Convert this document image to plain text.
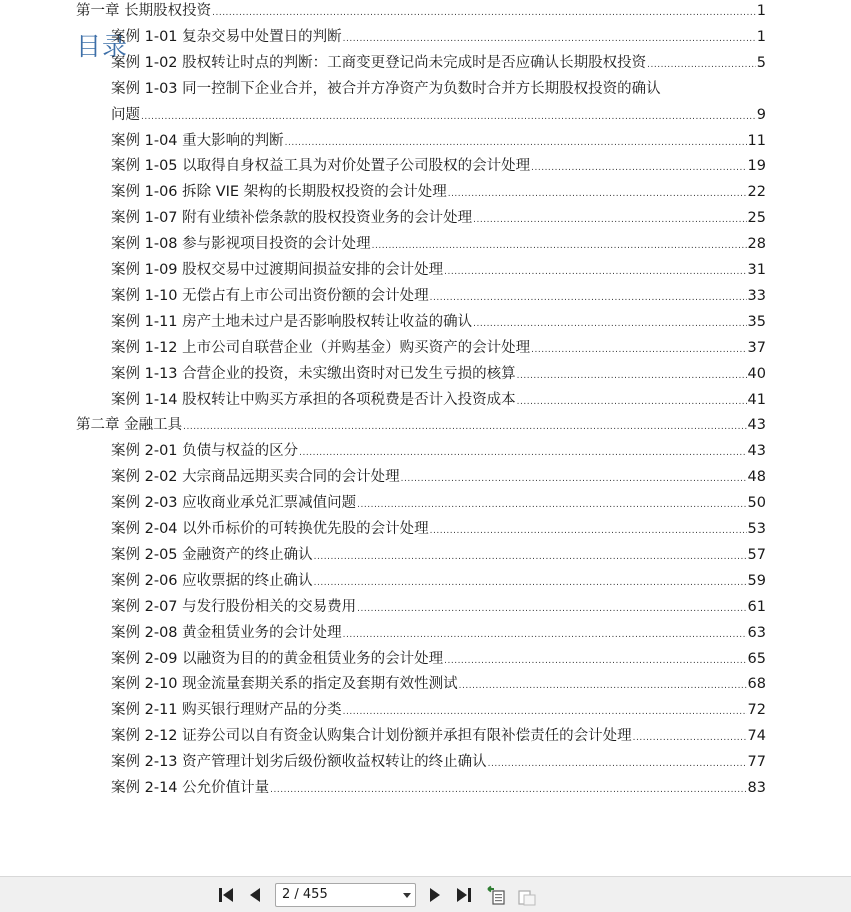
目录
第一章 长期股权投资 .....	1
案例 1-01 复杂交易中处置日的判断 .....	1
案例 1-02 股权转让时点的判断：工商变更登记尚未完成时是否应确认长期股权投资 .....	5
案例 1-03 同一控制下企业合并，被合并方净资产为负数时合并方长期股权投资的确认
问题 .....	9
案例 1-04 重大影响的判断 .....	11
案例 1-05 以取得自身权益工具为对价处置子公司股权的会计处理 .....	19
案例 1-06 拆除 VIE 架构的长期股权投资的会计处理 .....	22
案例 1-07 附有业绩补偿条款的股权投资业务的会计处理 .....	25
案例 1-08 参与影视项目投资的会计处理 .....	28
案例 1-09 股权交易中过渡期间损益安排的会计处理 .....	31
案例 1-10 无偿占有上市公司出资份额的会计处理 .....	33
案例 1-11 房产土地未过户是否影响股权转让收益的确认 .....	35
案例 1-12 上市公司自联营企业（并购基金）购买资产的会计处理 .....	37
案例 1-13 合营企业的投资，未实缴出资时对已发生亏损的核算 .....	40
案例 1-14 股权转让中购买方承担的各项税费是否计入投资成本 .....	41
第二章 金融工具 .....	43
案例 2-01 负债与权益的区分 .....	43
案例 2-02 大宗商品远期买卖合同的会计处理 .....	48
案例 2-03 应收商业承兑汇票减值问题 .....	50
案例 2-04 以外币标价的可转换优先股的会计处理 .....	53
案例 2-05 金融资产的终止确认 .....	57
案例 2-06 应收票据的终止确认 .....	59
案例 2-07 与发行股份相关的交易费用 .....	61
案例 2-08 黄金租赁业务的会计处理 .....	63
案例 2-09 以融资为目的的黄金租赁业务的会计处理 .....	65
案例 2-10 现金流量套期关系的指定及套期有效性测试 .....	68
案例 2-11 购买银行理财产品的分类 .....	72
案例 2-12 证券公司以自有资金认购集合计划份额并承担有限补偿责任的会计处理 .....	74
案例 2-13 资产管理计划劣后级份额收益权转让的终止确认 .....	77
案例 2-14 公允价值计量 .....	83
2 / 455
